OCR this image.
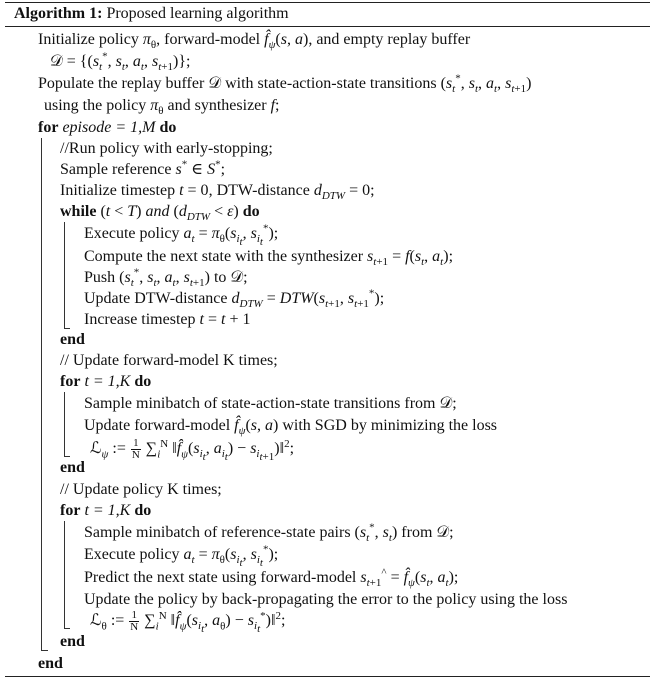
Algorithm 1: Proposed learning algorithm
Initialize policy $\pi_\theta$, forward-model $f̂_\psi(s$, a), and empty replay buffer
𝒟 = {($s_t^*$, $s_t$, $a_t$, $s_{t+1}$)};
Populate the replay buffer 𝒟 with state-action-state transitions ($s_t^*$, $s_t$, $a_t$, $s_{t+1}$)
using the policy $\pi_\theta$ and synthesizer f;
for episode = 1,M do
//Run policy with early-stopping;
Sample reference s* ∈ S*;
Initialize timestep t = 0, DTW-distance $d_{DTW} = 0$;
while (t < T) and $(d_{DTW} < \varepsilon)$ do
Execute policy $a_t = \pi_\theta(s_{i_t}$, $s_{i_t}^*$);
Compute the next state with the synthesizer $s_{t+1} = f(s_t$, $a_t$);
Push ($s_t^*$, $s_t$, $a_t$, $s_{t+1}$) to 𝒟;
Update DTW-distance $d_{DTW} = DTW(s_{t+1}$, $s_{t+1}^*$);
Increase timestep t = t + 1
end
// Update forward-model K times;
for t = 1,K do
Sample minibatch of state-action-state transitions from 𝒟;
Update forward-model $f̂_\psi(s$, a) with SGD by minimizing the loss
ℒ$_\psi$ := $\frac{1}{N} \sum_i^N$ $‖f̂_\psi(s_{i_t}$, $a_{i_t}$) − $s_{i_{t+1}})‖^2$;
end
// Update policy K times;
for t = 1,K do
Sample minibatch of reference-state pairs ($s_t^*$, $s_t$) from 𝒟;
Execute policy $a_t = \pi_\theta(s_{i_t}$, $s_{i_t}^*$);
Predict the next state using forward-model $s_{t+1}^{\^{}}$ = $f̂_\psi(s_t$, $a_t$);
Update the policy by back-propagating the error to the policy using the loss
ℒ$_\theta$ := $\frac{1}{N} \sum_i^N$ $‖f̂_\psi(s_{i_t}$, $a_\theta$) − $s_{i_t}^*)‖^2$;
end
end
